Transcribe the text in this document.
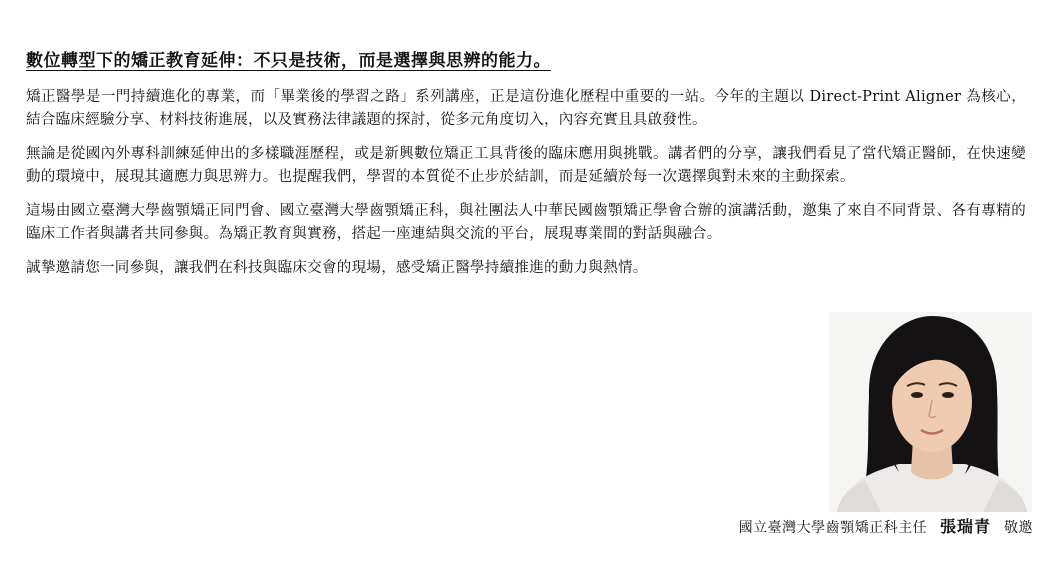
數位轉型下的矯正教育延伸：不只是技術，而是選擇與思辨的能力。

矯正醫學是一門持續進化的專業，而「畢業後的學習之路」系列講座，正是這份進化歷程中重要的一站。今年的主題以 Direct-Print Aligner 為核心，結合臨床經驗分享、材料技術進展，以及實務法律議題的探討，從多元角度切入，內容充實且具啟發性。

無論是從國內外專科訓練延伸出的多樣職涯歷程，或是新興數位矯正工具背後的臨床應用與挑戰。講者們的分享，讓我們看見了當代矯正醫師，在快速變動的環境中，展現其適應力與思辨力。也提醒我們，學習的本質從不止步於結訓，而是延續於每一次選擇與對未來的主動探索。

這場由國立臺灣大學齒顎矯正同門會、國立臺灣大學齒顎矯正科，與社團法人中華民國齒顎矯正學會合辦的演講活動，邀集了來自不同背景、各有專精的臨床工作者與講者共同參與。為矯正教育與實務，搭起一座連結與交流的平台，展現專業間的對話與融合。

誠摯邀請您一同參與，讓我們在科技與臨床交會的現場，感受矯正醫學持續推進的動力與熱情。

國立臺灣大學齒顎矯正科主任 張瑞青 敬邀
